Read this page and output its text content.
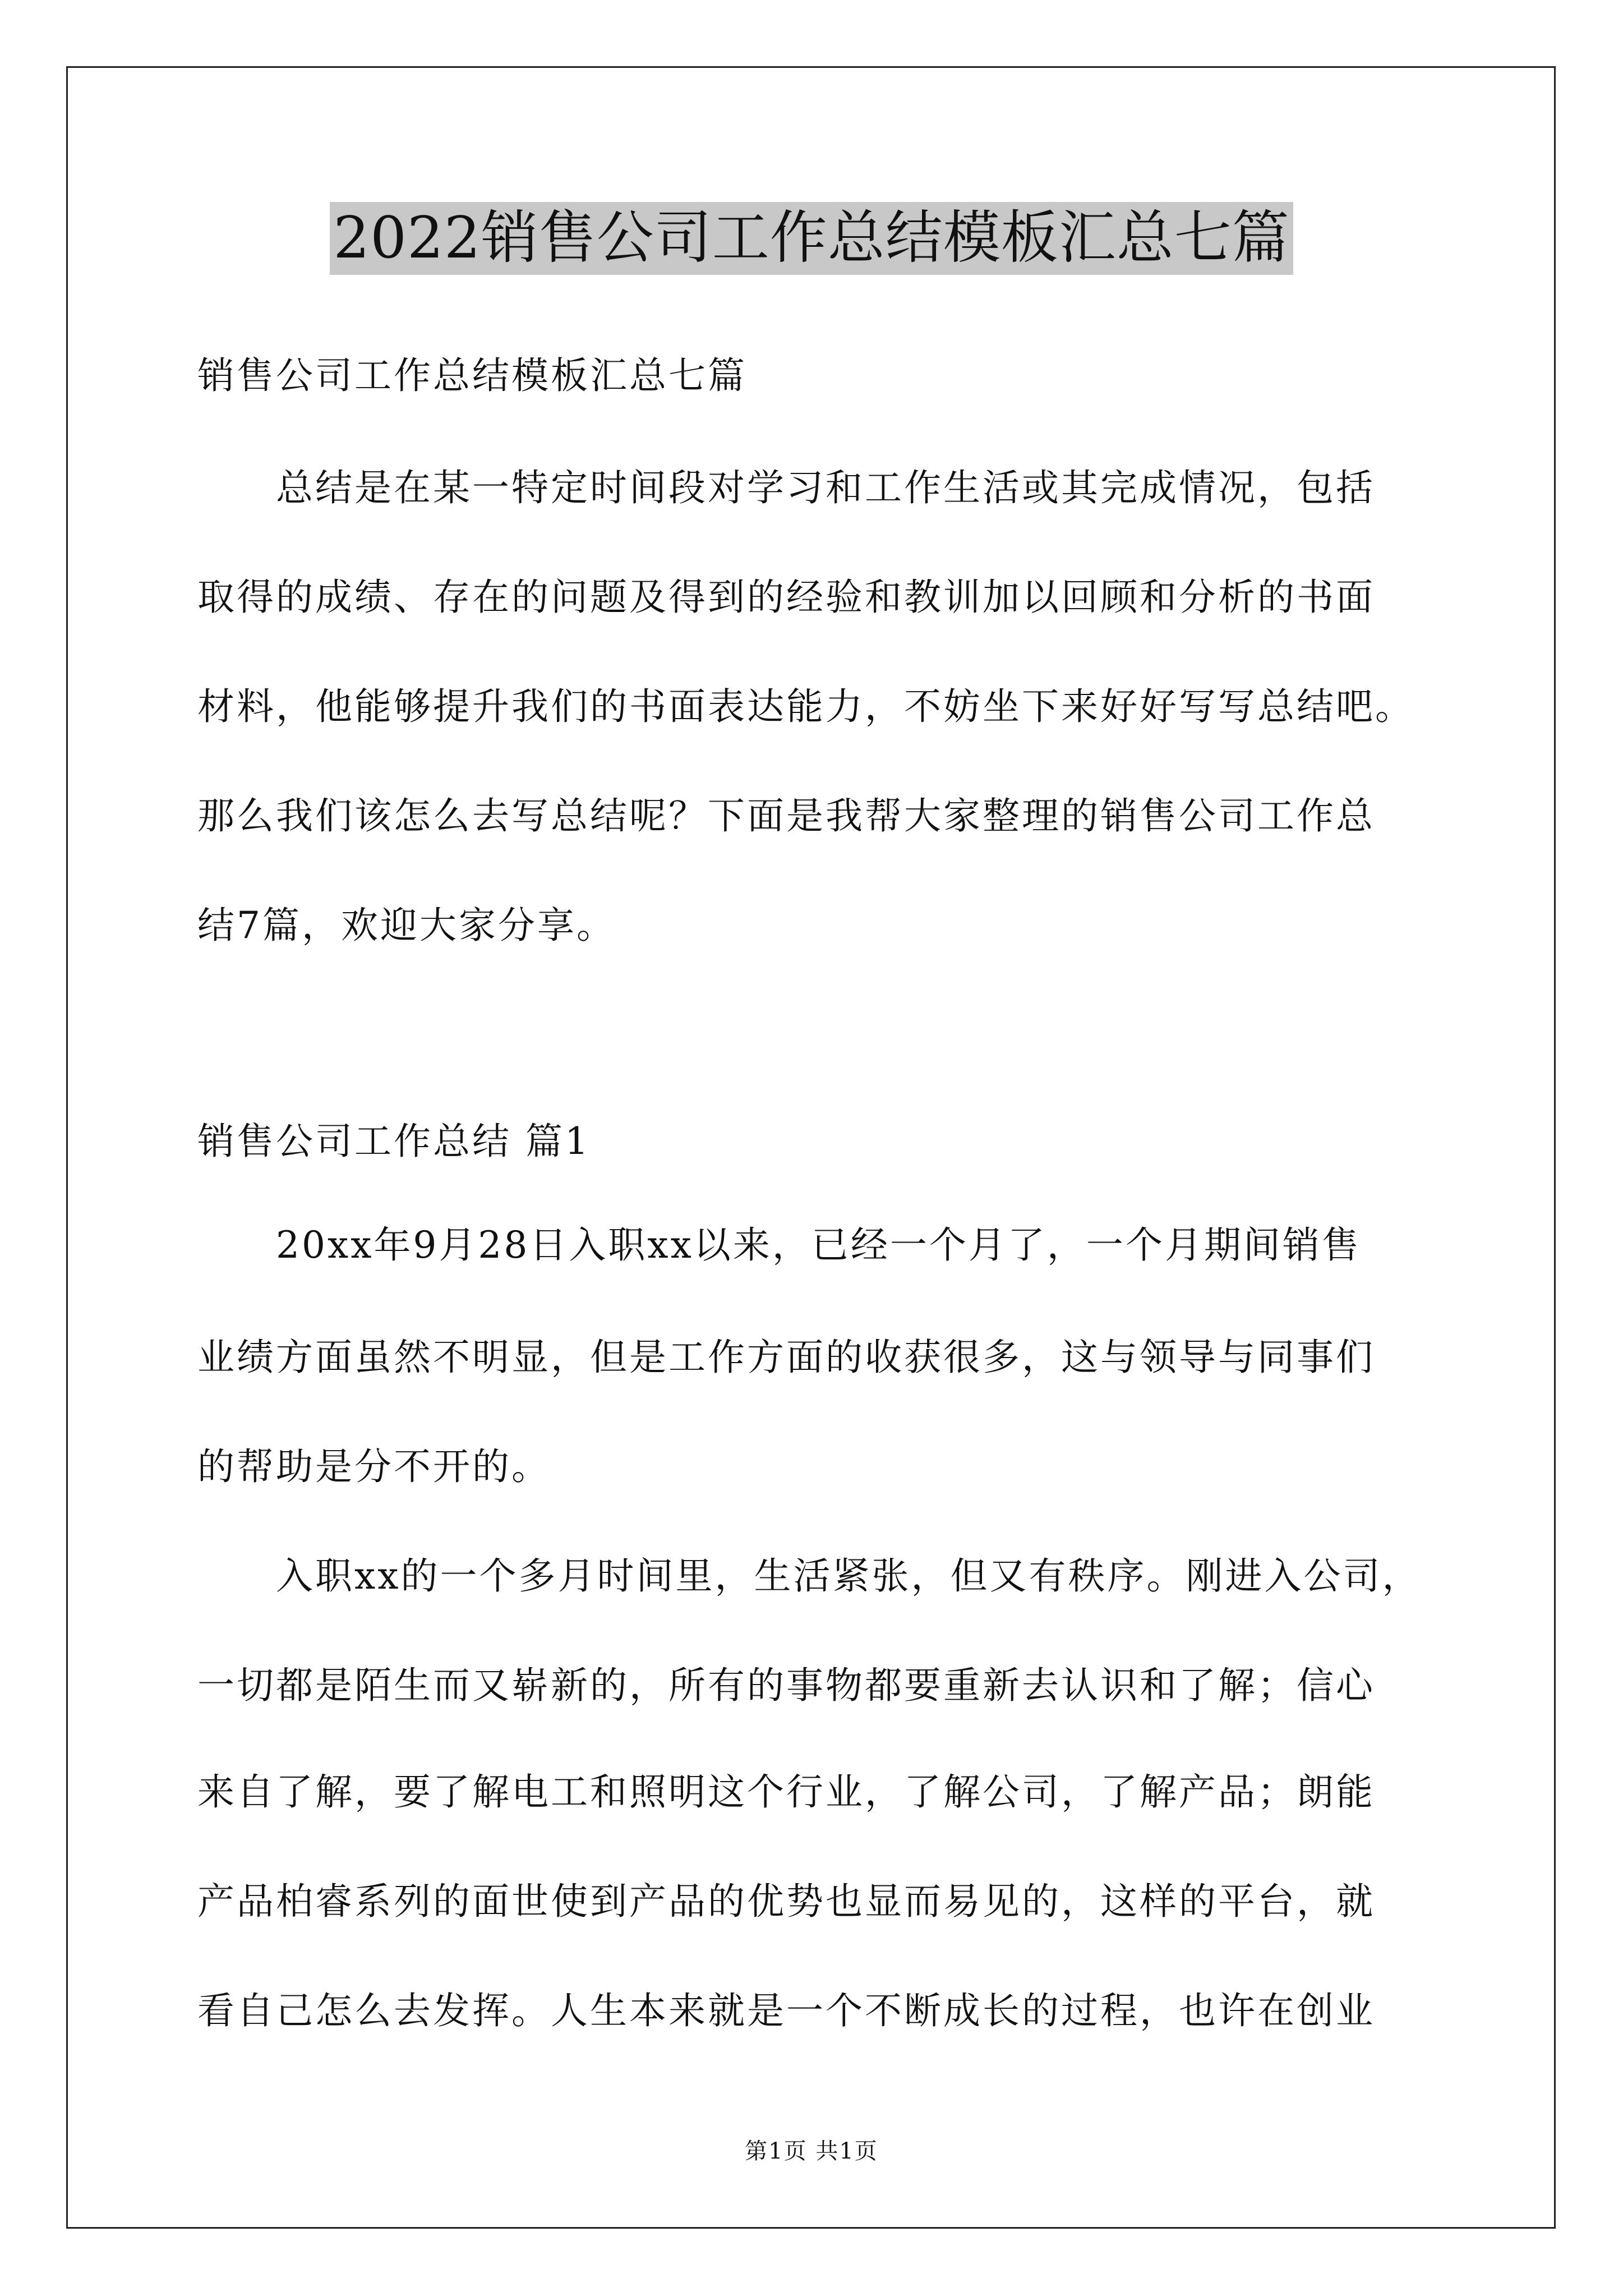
2022销售公司工作总结模板汇总七篇
销售公司工作总结模板汇总七篇
总结是在某一特定时间段对学习和工作生活或其完成情况，包括
取得的成绩、存在的问题及得到的经验和教训加以回顾和分析的书面
材料，他能够提升我们的书面表达能力，不妨坐下来好好写写总结吧。
那么我们该怎么去写总结呢？下面是我帮大家整理的销售公司工作总
结7篇，欢迎大家分享。
销售公司工作总结 篇1
20xx年9月28日入职xx以来，已经一个月了，一个月期间销售
业绩方面虽然不明显，但是工作方面的收获很多，这与领导与同事们
的帮助是分不开的。
入职xx的一个多月时间里，生活紧张，但又有秩序。刚进入公司，
一切都是陌生而又崭新的，所有的事物都要重新去认识和了解；信心
来自了解，要了解电工和照明这个行业，了解公司，了解产品；朗能
产品柏睿系列的面世使到产品的优势也显而易见的，这样的平台，就
看自己怎么去发挥。人生本来就是一个不断成长的过程，也许在创业
第1页 共1页
